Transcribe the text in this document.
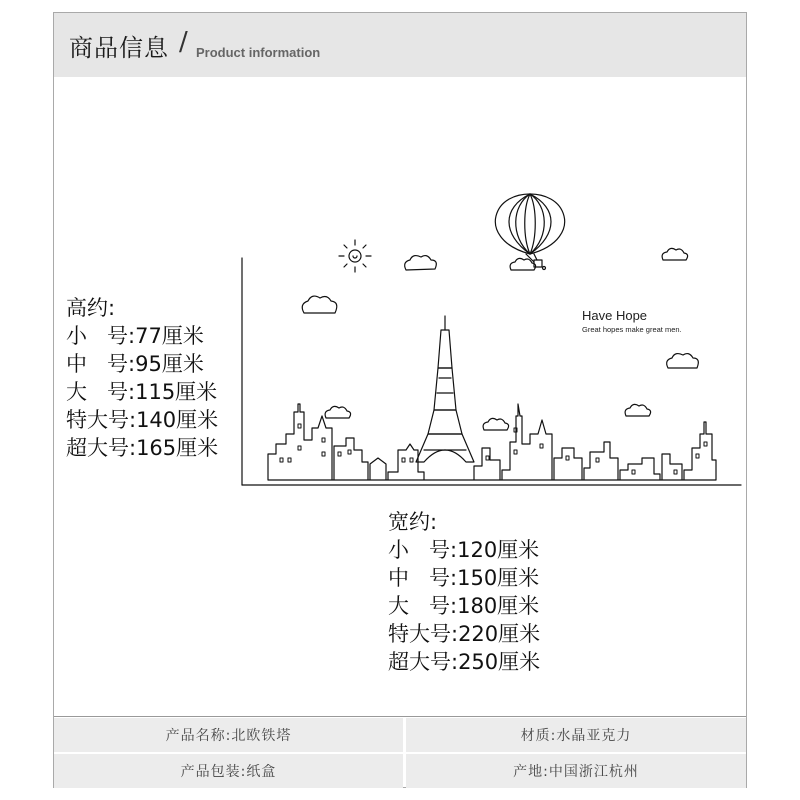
商品信息 / Product information
高约:
小   号:77厘米
中   号:95厘米
大   号:115厘米
特大号:140厘米
超大号:165厘米
宽约:
小   号:120厘米
中   号:150厘米
大   号:180厘米
特大号:220厘米
超大号:250厘米
Have Hope
Great hopes make great men.
产品名称:北欧铁塔	材质:水晶亚克力
产品包装:纸盒	产地:中国浙江杭州
